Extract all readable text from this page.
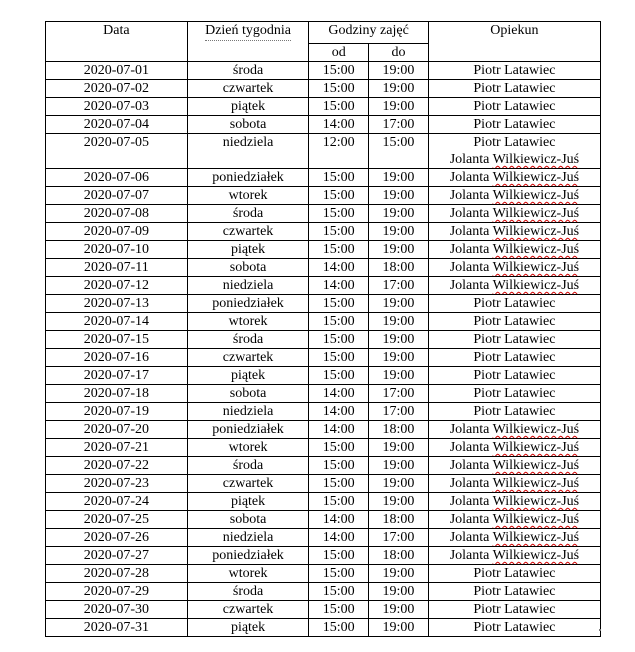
Data	Dzień tygodnia	Godziny zajęć		Opiekun
		od	do	
2020-07-01	środa	15:00	19:00	Piotr Latawiec

2020-07-02	czwartek	15:00	19:00	Piotr Latawiec

2020-07-03	piątek	15:00	19:00	Piotr Latawiec

2020-07-04	sobota	14:00	17:00	Piotr Latawiec

2020-07-05	niedziela	12:00	15:00	Piotr Latawiec
Jolanta Wilkiewicz-Juś

2020-07-06	poniedziałek	15:00	19:00	Jolanta Wilkiewicz-Juś

2020-07-07	wtorek	15:00	19:00	Jolanta Wilkiewicz-Juś

2020-07-08	środa	15:00	19:00	Jolanta Wilkiewicz-Juś

2020-07-09	czwartek	15:00	19:00	Jolanta Wilkiewicz-Juś

2020-07-10	piątek	15:00	19:00	Jolanta Wilkiewicz-Juś

2020-07-11	sobota	14:00	18:00	Jolanta Wilkiewicz-Juś

2020-07-12	niedziela	14:00	17:00	Jolanta Wilkiewicz-Juś

2020-07-13	poniedziałek	15:00	19:00	Piotr Latawiec

2020-07-14	wtorek	15:00	19:00	Piotr Latawiec

2020-07-15	środa	15:00	19:00	Piotr Latawiec

2020-07-16	czwartek	15:00	19:00	Piotr Latawiec

2020-07-17	piątek	15:00	19:00	Piotr Latawiec

2020-07-18	sobota	14:00	17:00	Piotr Latawiec

2020-07-19	niedziela	14:00	17:00	Piotr Latawiec

2020-07-20	poniedziałek	14:00	18:00	Jolanta Wilkiewicz-Juś

2020-07-21	wtorek	15:00	19:00	Jolanta Wilkiewicz-Juś

2020-07-22	środa	15:00	19:00	Jolanta Wilkiewicz-Juś

2020-07-23	czwartek	15:00	19:00	Jolanta Wilkiewicz-Juś

2020-07-24	piątek	15:00	19:00	Jolanta Wilkiewicz-Juś

2020-07-25	sobota	14:00	18:00	Jolanta Wilkiewicz-Juś

2020-07-26	niedziela	14:00	17:00	Jolanta Wilkiewicz-Juś

2020-07-27	poniedziałek	15:00	18:00	Jolanta Wilkiewicz-Juś

2020-07-28	wtorek	15:00	19:00	Piotr Latawiec

2020-07-29	środa	15:00	19:00	Piotr Latawiec

2020-07-30	czwartek	15:00	19:00	Piotr Latawiec

2020-07-31	piątek	15:00	19:00	Piotr Latawiec
